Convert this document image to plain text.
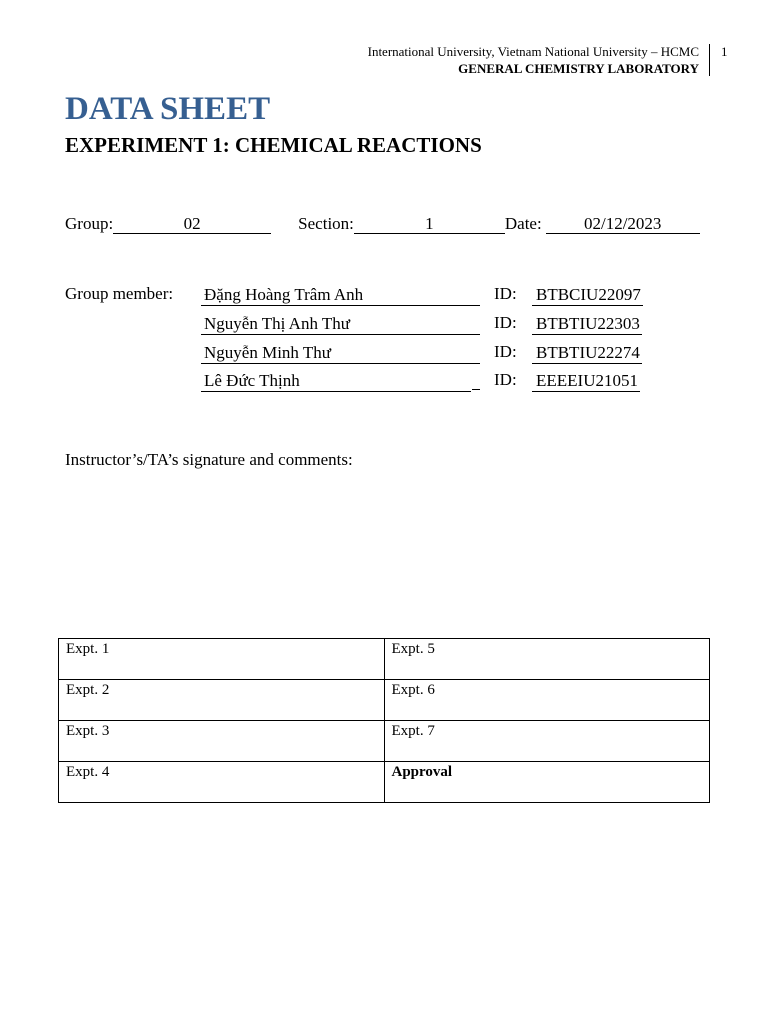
International University, Vietnam National University – HCMC
GENERAL CHEMISTRY LABORATORY
1
DATA SHEET
EXPERIMENT 1: CHEMICAL REACTIONS
Group:	02	Section:	1	Date: 02/12/2023
Group member: Đặng Hoàng Trâm Anh	ID: BTBCIU22097
Nguyễn Thị Anh Thư	ID: BTBTIU22303
Nguyễn Minh Thư	ID: BTBTIU22274
Lê Đức Thịnh	ID: EEEEIU21051
Instructor’s/TA’s signature and comments:
Expt. 1	Expt. 5
Expt. 2	Expt. 6
Expt. 3	Expt. 7
Expt. 4	Approval
